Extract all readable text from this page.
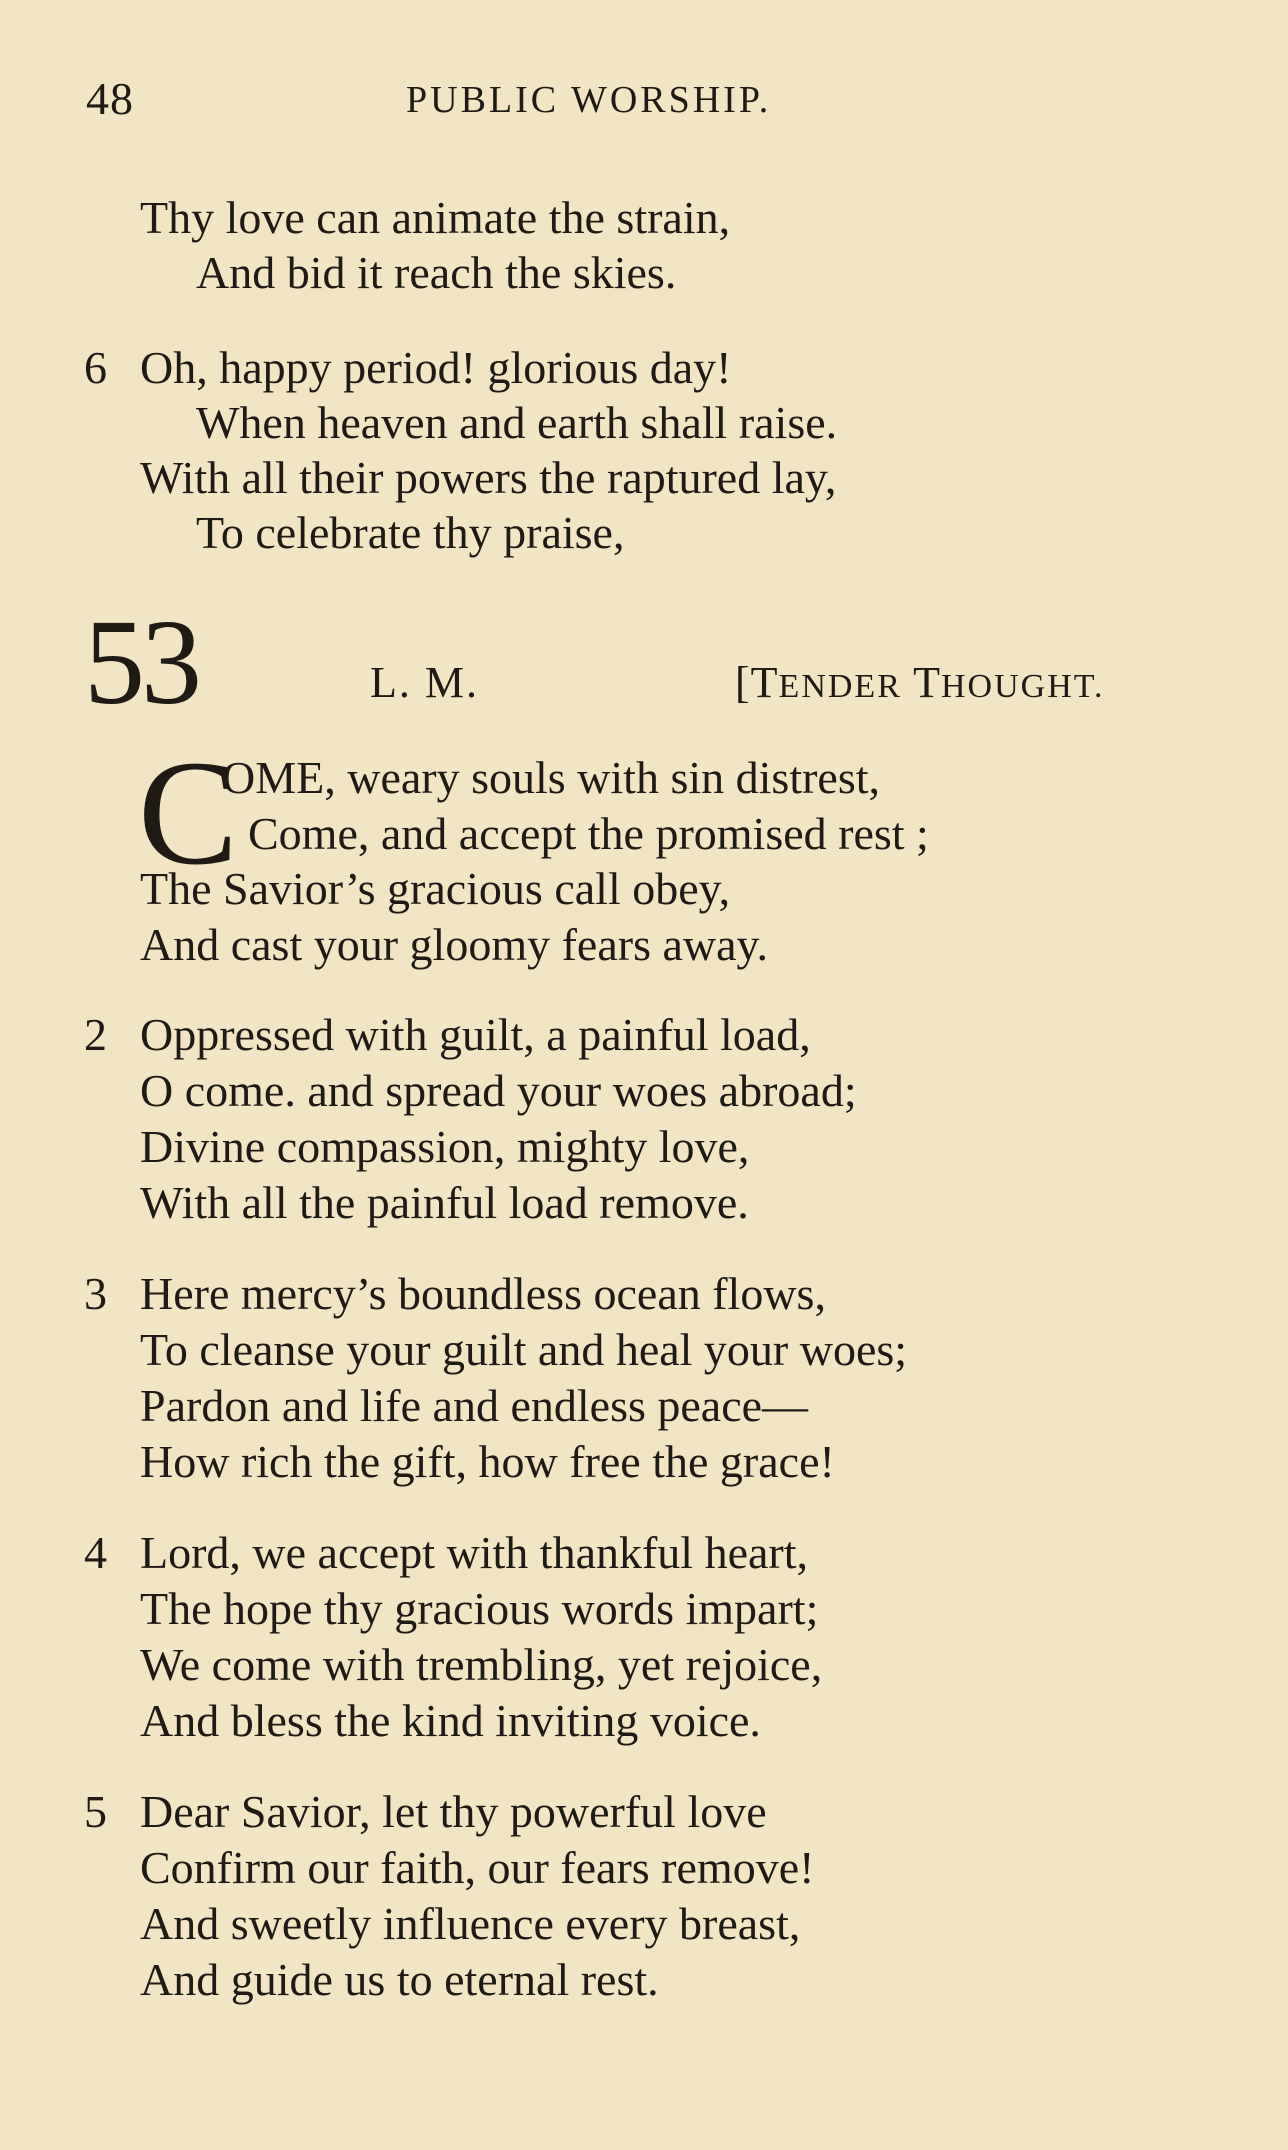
48	PUBLIC WORSHIP.
Thy love can animate the strain,
And bid it reach the skies.
6 Oh, happy period! glorious day!
When heaven and earth shall raise.
With all their powers the raptured lay,
To celebrate thy praise,
53	L. M.	[TENDER THOUGHT.
C
OME, weary souls with sin distrest,
Come, and accept the promised rest ;
The Savior’s gracious call obey,
And cast your gloomy fears away.
2 Oppressed with guilt, a painful load,
O come. and spread your woes abroad;
Divine compassion, mighty love,
With all the painful load remove.
3 Here mercy’s boundless ocean flows,
To cleanse your guilt and heal your woes;
Pardon and life and endless peace—
How rich the gift, how free the grace!
4 Lord, we accept with thankful heart,
The hope thy gracious words impart;
We come with trembling, yet rejoice,
And bless the kind inviting voice.
5 Dear Savior, let thy powerful love
Confirm our faith, our fears remove!
And sweetly influence every breast,
And guide us to eternal rest.
